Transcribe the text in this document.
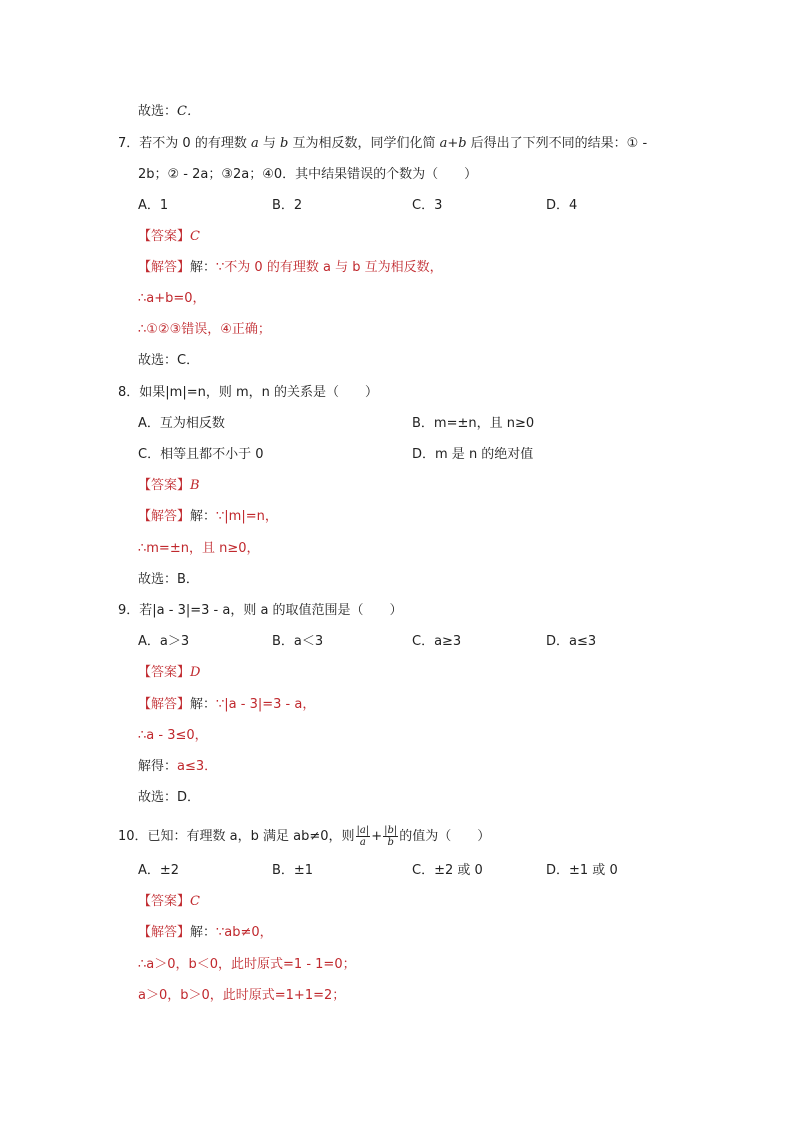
故选：C．
7．若不为 0 的有理数 a 与 b 互为相反数，同学们化简 a+b 后得出了下列不同的结果：① -
2b；② - 2a；③2a；④0．其中结果错误的个数为（　　）
A．1	B．2	C．3	D．4
【答案】C
【解答】解：∵不为 0 的有理数 a 与 b 互为相反数，
∴a+b=0，
∴①②③错误，④正确；
故选：C．
8．如果|m|=n，则 m，n 的关系是（　　）
A．互为相反数	B．m=±n，且 n≥0
C．相等且都不小于 0	D．m 是 n 的绝对值
【答案】B
【解答】解：∵|m|=n，
∴m=±n，且 n≥0，
故选：B．
9．若|a - 3|=3 - a，则 a 的取值范围是（　　）
A．a＞3	B．a＜3	C．a≥3	D．a≤3
【答案】D
【解答】解：∵|a - 3|=3 - a，
∴a - 3≤0，
解得：a≤3．
故选：D．
10．已知：有理数 a，b 满足 ab≠0，则 $\frac{|a|}{a} + \frac{|b|}{b}$ 的值为（　　）
A．±2	B．±1	C．±2 或 0	D．±1 或 0
【答案】C
【解答】解：∵ab≠0，
∴a＞0，b＜0，此时原式=1 - 1=0；
a＞0，b＞0，此时原式=1+1=2；
